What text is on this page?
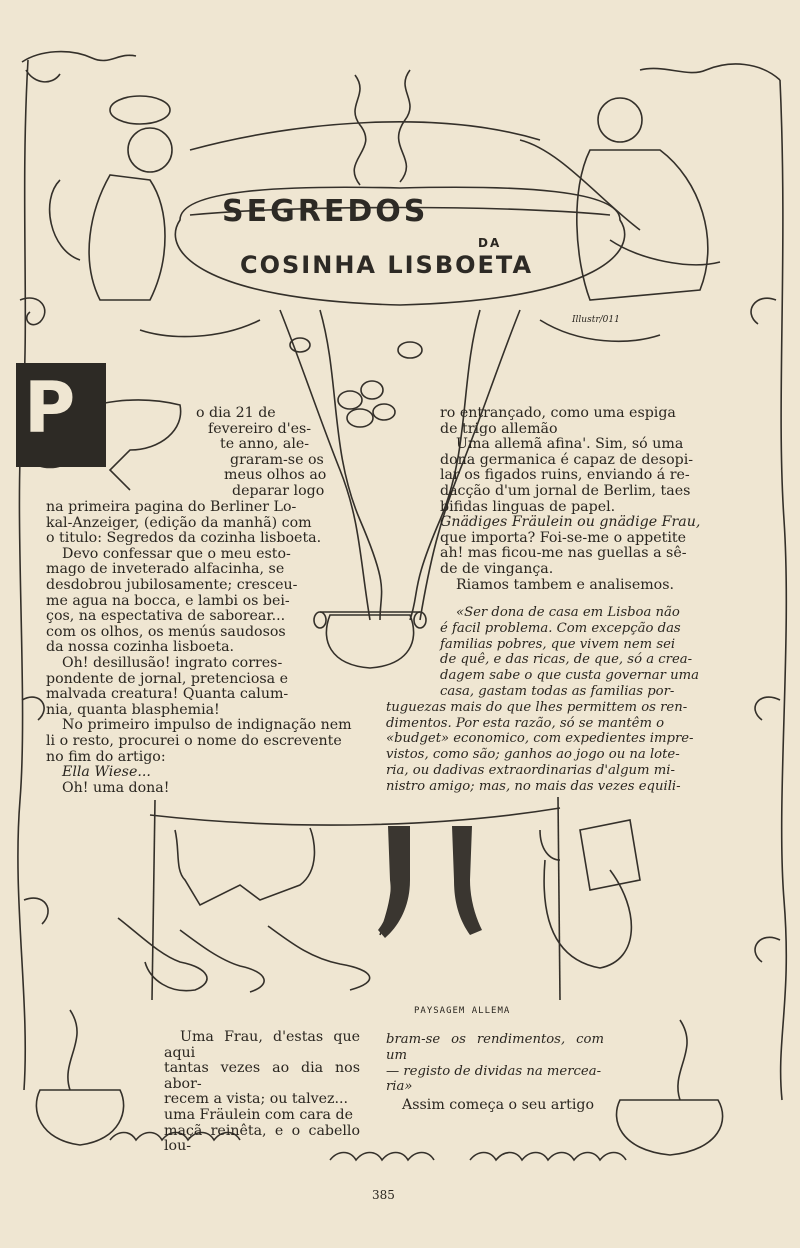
SEGREDOS
DA
COSINHA LISBOETA
Illustr/011
P	o dia 21 de

fevereiro d'es-

te anno, ale-

graram-se os

meus olhos ao

deparar logo

na primeira pagina do Berliner Lo-

kal-Anzeiger, (edição da manhã) com

o titulo: Segredos da cozinha lisboeta.

Devo confessar que o meu esto-

mago de inveterado alfacinha, se

desdobrou jubilosamente; cresceu-

me agua na bocca, e lambi os bei-

ços, na espectativa de saborear...

com os olhos, os menús saudosos

da nossa cozinha lisboeta.

Oh! desillusão! ingrato corres-

pondente de jornal, pretenciosa e

malvada creatura! Quanta calum-

nia, quanta blasphemia!

No primeiro impulso de indignação nem

li o resto, procurei o nome do escrevente

no fim do artigo:

Ella Wiese...

Oh! uma dona!

ro entrançado, como uma espiga

de trigo allemão

Uma allemã afina'. Sim, só uma

dona germanica é capaz de desopi-

lar os figados ruins, enviando á re-

dacção d'um jornal de Berlim, taes

bifidas linguas de papel.

Gnädiges Fräulein ou gnädige Frau,

que importa? Foi-se-me o appetite

ah! mas ficou-me nas guellas a sê-

de de vingança.

Riamos tambem e analisemos.

«Ser dona de casa em Lisboa não

é facil problema. Com excepção das

familias pobres, que vivem nem sei

de quê, e das ricas, de que, só a crea-

dagem sabe o que custa governar uma

casa, gastam todas as familias por-

tuguezas mais do que lhes permittem os ren-

dimentos. Por esta razão, só se mantêm o

«budget» economico, com expedientes impre-

vistos, como são; ganhos ao jogo ou na lote-

ria, ou dadivas extraordinarias d'algum mi-

nistro amigo; mas, no mais das vezes equili-

PAYSAGEM ALLEMA

Uma Frau, d'estas que aqui

tantas vezes ao dia nos abor-

recem a vista; ou talvez...

uma Fräulein com cara de

maçã reinêta, e o cabello lou-

bram-se os rendimentos, com um

— registo de dividas na mercea-

ria»

Assim começa o seu artigo
385
